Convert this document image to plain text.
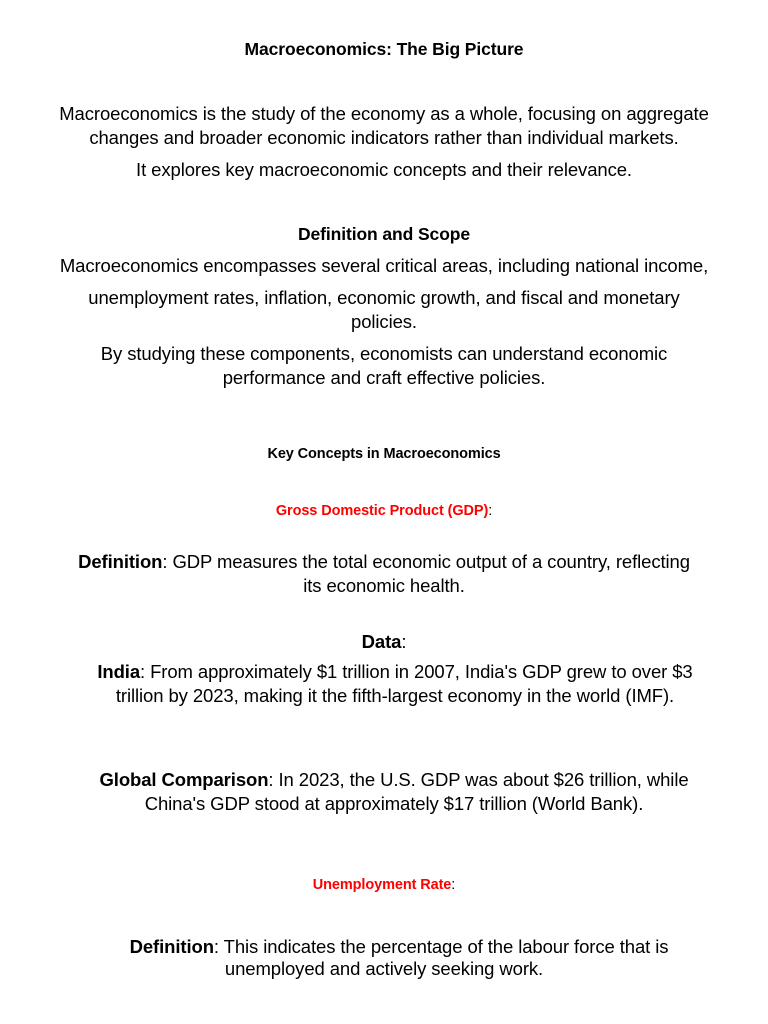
Macroeconomics: The Big Picture
Macroeconomics is the study of the economy as a whole, focusing on aggregate
changes and broader economic indicators rather than individual markets.
It explores key macroeconomic concepts and their relevance.
Definition and Scope
Macroeconomics encompasses several critical areas, including national income,
unemployment rates, inflation, economic growth, and fiscal and monetary
policies.
By studying these components, economists can understand economic
performance and craft effective policies.
Key Concepts in Macroeconomics
Gross Domestic Product (GDP):
Definition: GDP measures the total economic output of a country, reflecting
its economic health.
Data:
India: From approximately $1 trillion in 2007, India's GDP grew to over $3
trillion by 2023, making it the fifth-largest economy in the world (IMF).
Global Comparison: In 2023, the U.S. GDP was about $26 trillion, while
China's GDP stood at approximately $17 trillion (World Bank).
Unemployment Rate:
Definition: This indicates the percentage of the labour force that is
unemployed and actively seeking work.
